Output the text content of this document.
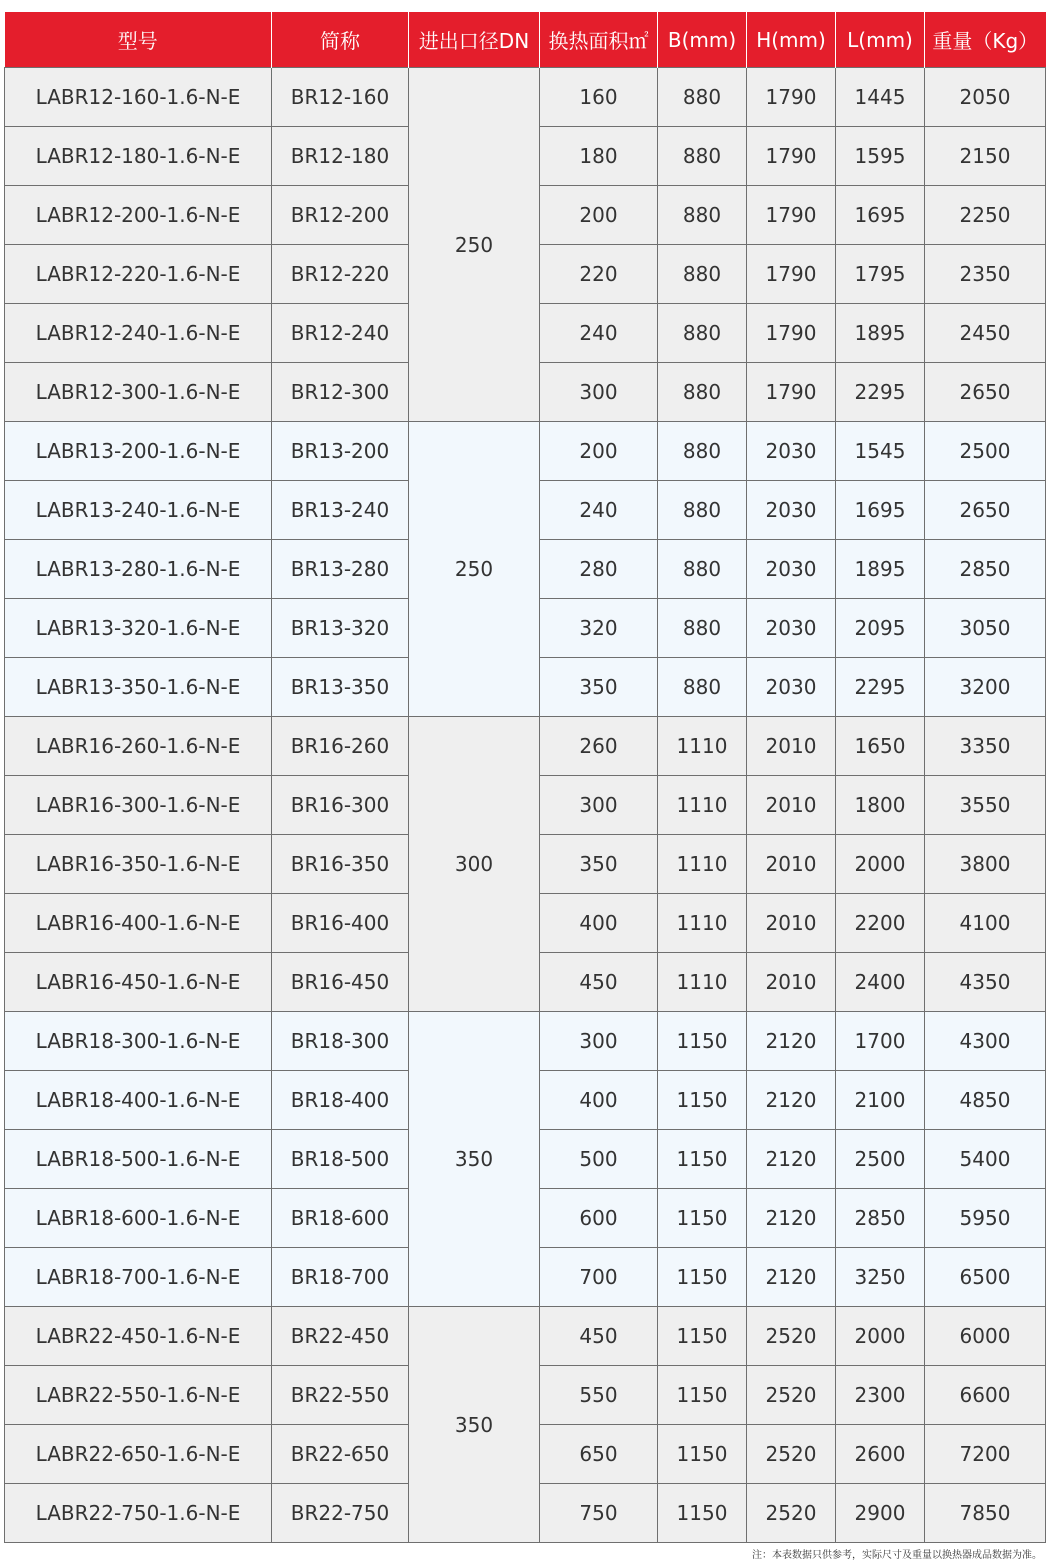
型号	简称	进出口径DN	换热面积㎡	B(mm)	H(mm)	L(mm)	重量（Kg）
LABR12-160-1.6-N-E	BR12-160	250	160	880	1790	1445	2050
LABR12-180-1.6-N-E	BR12-180		180	880	1790	1595	2150
LABR12-200-1.6-N-E	BR12-200		200	880	1790	1695	2250
LABR12-220-1.6-N-E	BR12-220		220	880	1790	1795	2350
LABR12-240-1.6-N-E	BR12-240		240	880	1790	1895	2450
LABR12-300-1.6-N-E	BR12-300		300	880	1790	2295	2650
LABR13-200-1.6-N-E	BR13-200	250	200	880	2030	1545	2500
LABR13-240-1.6-N-E	BR13-240		240	880	2030	1695	2650
LABR13-280-1.6-N-E	BR13-280		280	880	2030	1895	2850
LABR13-320-1.6-N-E	BR13-320		320	880	2030	2095	3050
LABR13-350-1.6-N-E	BR13-350		350	880	2030	2295	3200
LABR16-260-1.6-N-E	BR16-260	300	260	1110	2010	1650	3350
LABR16-300-1.6-N-E	BR16-300		300	1110	2010	1800	3550
LABR16-350-1.6-N-E	BR16-350		350	1110	2010	2000	3800
LABR16-400-1.6-N-E	BR16-400		400	1110	2010	2200	4100
LABR16-450-1.6-N-E	BR16-450		450	1110	2010	2400	4350
LABR18-300-1.6-N-E	BR18-300	350	300	1150	2120	1700	4300
LABR18-400-1.6-N-E	BR18-400		400	1150	2120	2100	4850
LABR18-500-1.6-N-E	BR18-500		500	1150	2120	2500	5400
LABR18-600-1.6-N-E	BR18-600		600	1150	2120	2850	5950
LABR18-700-1.6-N-E	BR18-700		700	1150	2120	3250	6500
LABR22-450-1.6-N-E	BR22-450	350	450	1150	2520	2000	6000
LABR22-550-1.6-N-E	BR22-550		550	1150	2520	2300	6600
LABR22-650-1.6-N-E	BR22-650		650	1150	2520	2600	7200
LABR22-750-1.6-N-E	BR22-750		750	1150	2520	2900	7850
注：本表数据只供参考，实际尺寸及重量以换热器成品数据为准。
